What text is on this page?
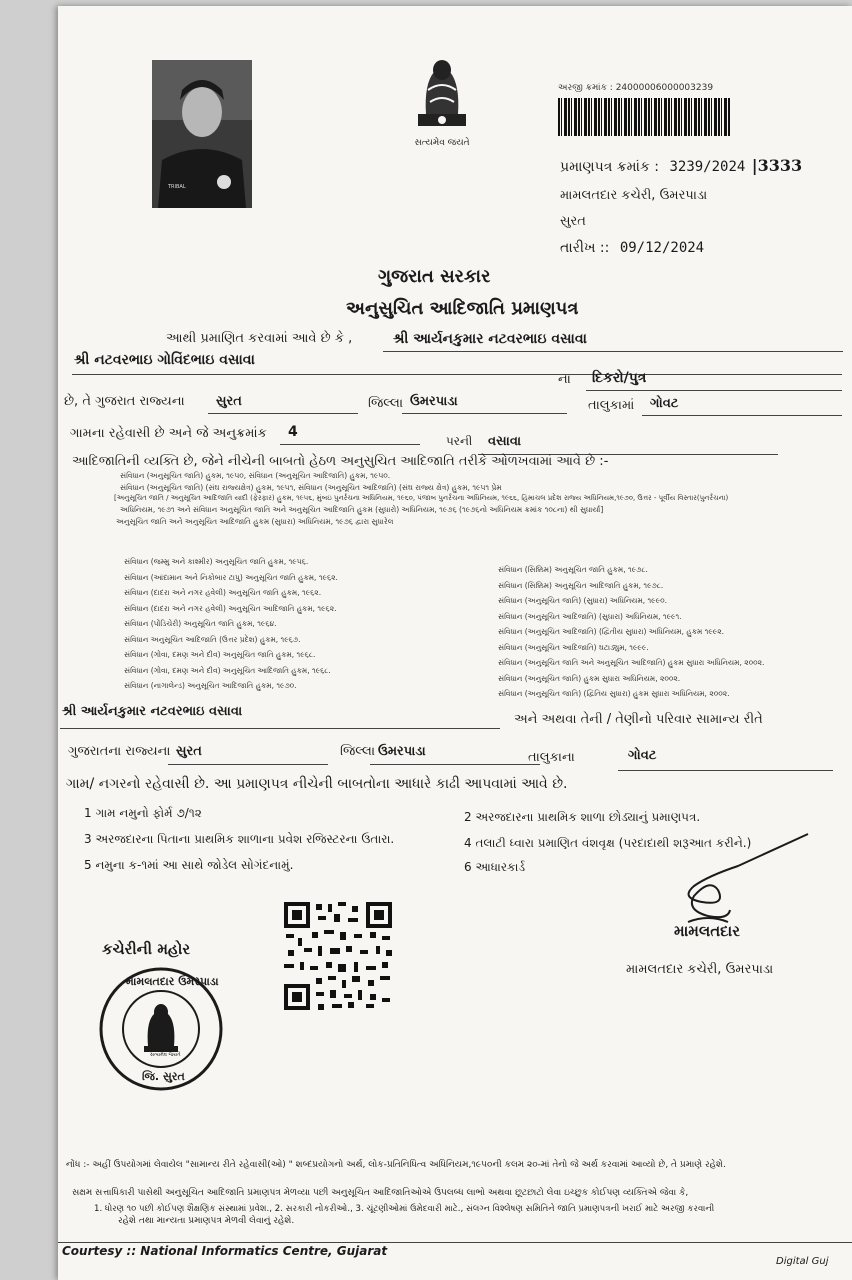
TRIBAL
સત્યમેવ જયતે
અરજી ક્રમાંક : 24000006000003239
પ્રમાણપત્ર ક્રમાંક : 3239/2024 |3333
મામલતદાર કચેરી, ઉમરપાડા
સુરત
તારીખ :: 09/12/2024
ગુજરાત સરકાર
અનુસુચિત આદિજાતિ પ્રમાણપત્ર
આથી પ્રમાણિત કરવામાં આવે છે કે ,	શ્રી આર્યનકુમાર નટવરભાઇ વસાવા
શ્રી નટવરભાઇ ગોવિંદભાઇ વસાવા
ના દિકરો/પુત્ર
છે, તે ગુજરાત રાજ્યના સુરત	જિલ્લા ઉમરપાડા	તાલુકામાં ગોવટ
ગામના રહેવાસી છે અને જે અનુક્રમાંક 4
પરની વસાવા
આદિજાતિની વ્યક્તિ છે, જેને નીચેની બાબતો હેઠળ અનુસુચિત આદિજાતિ તરીકે ઓળખવામાં આવે છે :-
સંવિધાન (અનુસૂચિત જાતિ) હુકમ, ૧૯૫૦, સંવિધાન (અનુસૂચિત આદિજાતિ) હુકમ, ૧૯૫૦.
સંવિધાન (અનુસૂચિત જાતિ) (સંઘ રાજ્યક્ષેત્ર) હુકમ, ૧૯૫૧, સંવિધાન (અનુસૂચિત આદિજાતિ) (સંઘ રાજ્ય ક્ષેત્ર) હુકમ, ૧૯૫૧ પ્રેમ
[અનુસૂચિત જાતિ / અનુસૂચિત આદિજાતિ યાદી (ફેરફાર) હુકમ, ૧૯૫૬, મુંબઇ પુનર્રચના અધિનિયમ, ૧૯૬૦, પંજાબ પુનર્રચના અધિનિયમ, ૧૯૬૬, હિમાચલ પ્રદેશ રાજ્ય અધિનિયમ,૧૯૭૦, ઉત્તર - પૂર્વીય વિસ્તાર(પુનર્રચના)
અધિનિયમ, ૧૯૭૧ અને સંવિધાન અનુસૂચિત જાતિ અને અનુસૂચિત આદિજાતિ હુકમ (સુધારો) અધિનિયમ, ૧૯૭૬ (૧૯૭૬નો અધિનિયમ ક્રમાંક ૧૦૮ના) થી સુધાર્યા]
અનુસૂચિત જાતિ અને અનુસૂચિત આદિજાતિ હુકમ (સુધારા) અધિનિયમ, ૧૯૭૬ દ્વારા સુધારેલ
સંવિધાન (જમ્મુ અને કાશ્મીર) અનુસૂચિત જાતિ હુકમ, ૧૯૫૬.
સંવિધાન (આંદામાન અને નિકોબાર ટાપુ) અનુસૂચિત જાતિ હુકમ, ૧૯૬૨.
સંવિધાન (દાદરા અને નગર હવેલી) અનુસૂચિત જાતિ હુકમ, ૧૯૬૨.
સંવિધાન (દાદરા અને નગર હવેલી) અનુસૂચિત આદિજાતિ હુકમ, ૧૯૬૨.
સંવિધાન (પોંડિચેરી) અનુસૂચિત જાતિ હુકમ, ૧૯૬૪.
સંવિધાન અનુસૂચિત આદિજાતિ (ઉત્તર પ્રદેશ) હુકમ, ૧૯૬૭.
સંવિધાન (ગોવા, દમણ અને દીવ) અનુસૂચિત જાતિ હુકમ, ૧૯૬૮.
સંવિધાન (ગોવા, દમણ અને દીવ) અનુસૂચિત આદિજાતિ હુકમ, ૧૯૬૮.
સંવિધાન (નાગાલેન્ડ) અનુસૂચિત આદિજાતિ હુકમ, ૧૯૭૦.
સંવિધાન (સિક્કિમ) અનુસૂચિત જાતિ હુકમ, ૧૯૭૮.
સંવિધાન (સિક્કિમ) અનુસૂચિત આદિજાતિ હુકમ, ૧૯૭૮.
સંવિધાન (અનુસૂચિત જાતિ) (સુધારા) અધિનિયમ, ૧૯૯૦.
સંવિધાન (અનુસૂચિત આદિજાતિ) (સુધારા) અધિનિયમ, ૧૯૯૧.
સંવિધાન (અનુસૂચિત આદિજાતિ) (દ્વિતીય સુધારા) અધિનિયમ, હુકમ ૧૯૯૨.
સંવિધાન (અનુસૂચિત આદિજાતિ) ઘટાડ્યુમ, ૧૯૯૯.
સંવિધાન (અનુસૂચિત જાતિ અને અનુસૂચિત આદિજાતિ) હુકમ સુધારા અધિનિયમ, ૨૦૦૨.
સંવિધાન (અનુસૂચિત જાતિ) હુકમ સુધારા અધિનિયમ, ૨૦૦૨.
સંવિધાન (અનુસૂચિત જાતિ) (દ્વિતિય સુધારા) હુકમ સુધારા અધિનિયમ, ૨૦૦૨.
શ્રી આર્યનકુમાર નટવરભાઇ વસાવા
અને અથવા તેની / તેણીનો પરિવાર સામાન્ય રીતે
ગુજરાતના રાજ્યના સુરત	જિલ્લા ઉમરપાડા	તાલુકાના	ગોવટ
ગામ/ નગરનો રહેવાસી છે. આ પ્રમાણપત્ર નીચેની બાબતોના આધારે કાઢી આપવામાં આવે છે.
1 ગામ નમુનો ફોર્મ ૭/૧૨	2 અરજદારના પ્રાથમિક શાળા છોડ્યાનું પ્રમાણપત્ર.
3 અરજદારના પિતાના પ્રાથમિક શાળાના પ્રવેશ રજિસ્ટરના ઉતારા.	4 તલાટી ધ્વારા પ્રમાણિત વંશવૃક્ષ (પરદાદાથી શરૂઆત કરીને.)
5 નમુના ક-૧માં આ સાથે જોડેલ સોગંદનામું.	6 આધારકાર્ડ
કચેરીની મહોર
મામલતદાર ઉમરપાડા
સત્યમેવ જયતે
જિ. સુરત
મામલતદાર
મામલતદાર કચેરી, ઉમરપાડા
નોંધ :- અહીં ઉપયોગમાં લેવાયેલ "સામાન્ય રીતે રહેવાસી(ઓ) " શબ્દપ્રયોગનો અર્થ, લોક-પ્રતિનિધિત્વ અધિનિયમ,૧૯૫૦ની કલમ ૨૦-માં તેનો જે અર્થ કરવામાં આવ્યો છે, તે પ્રમાણે રહેશે.
સક્ષમ સત્તાધિકારી પાસેથી અનુસૂચિત આદિજાતિ પ્રમાણપત્ર મેળવ્યા પછી અનુસૂચિત આદિજાતિઓએ ઉપલબ્ધ લાભો અથવા છૂટછાટો લેવા ઇચ્છુક કોઈપણ વ્યક્તિએ જેવા કે,
1. ધોરણ ૧૦ પછી કોઈપણ શૈક્ષણિક સંસ્થામાં પ્રવેશ., 2. સરકારી નોકરીઓ., 3. ચૂંટણીઓમાં ઉમેદવારી માટે., સંલગ્ન વિશ્લેષણ સમિતિને જાતિ પ્રમાણપત્રની ખરાઈ માટે અરજી કરવાની
રહેશે તથા માન્યતા પ્રમાણપત્ર મેળવી લેવાનું રહેશે.
Courtesy :: National Informatics Centre, Gujarat
Digital Guj
